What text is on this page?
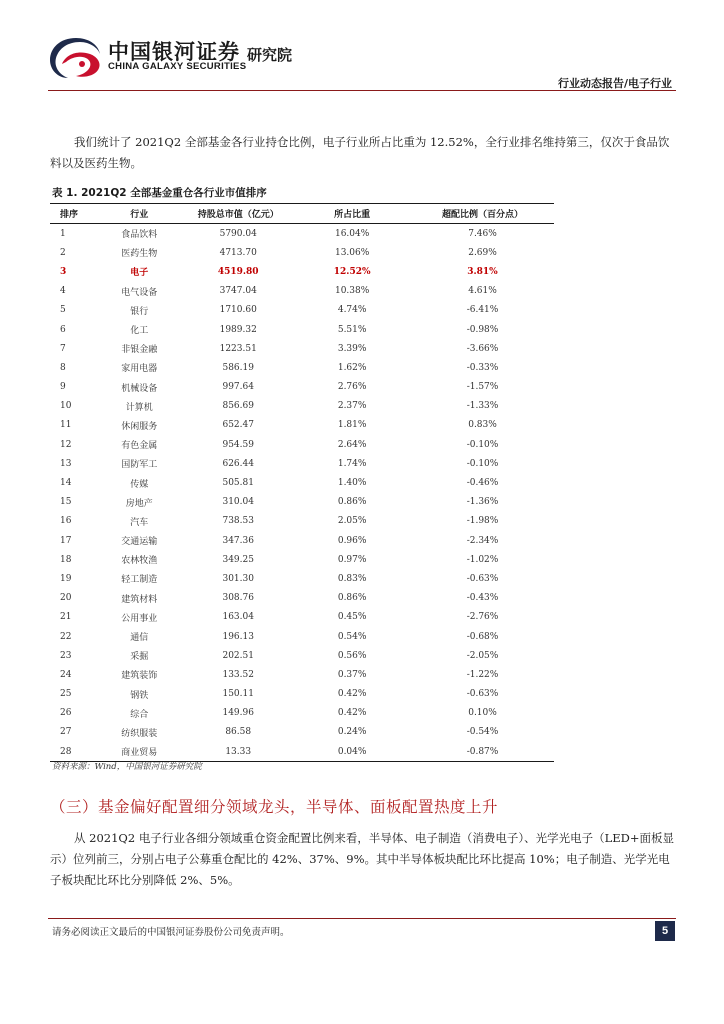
中国银河证券
CHINA GALAXY SECURITIES
研究院
行业动态报告/电子行业

我们统计了 2021Q2 全部基金各行业持仓比例，电子行业所占比重为 12.52%，全行业排名维持第三，仅次于食品饮料以及医药生物。

表 1. 2021Q2 全部基金重仓各行业市值排序
排序	行业	持股总市值（亿元）	所占比重	超配比例（百分点）
1	食品饮料	5790.04	16.04%	7.46%
2	医药生物	4713.70	13.06%	2.69%
3	电子	4519.80	12.52%	3.81%
4	电气设备	3747.04	10.38%	4.61%
5	银行	1710.60	4.74%	-6.41%
6	化工	1989.32	5.51%	-0.98%
7	非银金融	1223.51	3.39%	-3.66%
8	家用电器	586.19	1.62%	-0.33%
9	机械设备	997.64	2.76%	-1.57%
10	计算机	856.69	2.37%	-1.33%
11	休闲服务	652.47	1.81%	0.83%
12	有色金属	954.59	2.64%	-0.10%
13	国防军工	626.44	1.74%	-0.10%
14	传媒	505.81	1.40%	-0.46%
15	房地产	310.04	0.86%	-1.36%
16	汽车	738.53	2.05%	-1.98%
17	交通运输	347.36	0.96%	-2.34%
18	农林牧渔	349.25	0.97%	-1.02%
19	轻工制造	301.30	0.83%	-0.63%
20	建筑材料	308.76	0.86%	-0.43%
21	公用事业	163.04	0.45%	-2.76%
22	通信	196.13	0.54%	-0.68%
23	采掘	202.51	0.56%	-2.05%
24	建筑装饰	133.52	0.37%	-1.22%
25	钢铁	150.11	0.42%	-0.63%
26	综合	149.96	0.42%	0.10%
27	纺织服装	86.58	0.24%	-0.54%
28	商业贸易	13.33	0.04%	-0.87%
资料来源：Wind，中国银河证券研究院
（三）基金偏好配置细分领域龙头，半导体、面板配置热度上升

从 2021Q2 电子行业各细分领域重仓资金配置比例来看，半导体、电子制造（消费电子）、光学光电子（LED+面板显示）位列前三，分别占电子公募重仓配比的 42%、37%、9%。其中半导体板块配比环比提高 10%；电子制造、光学光电子板块配比环比分别降低 2%、5%。

请务必阅读正文最后的中国银河证券股份公司免责声明。	5
